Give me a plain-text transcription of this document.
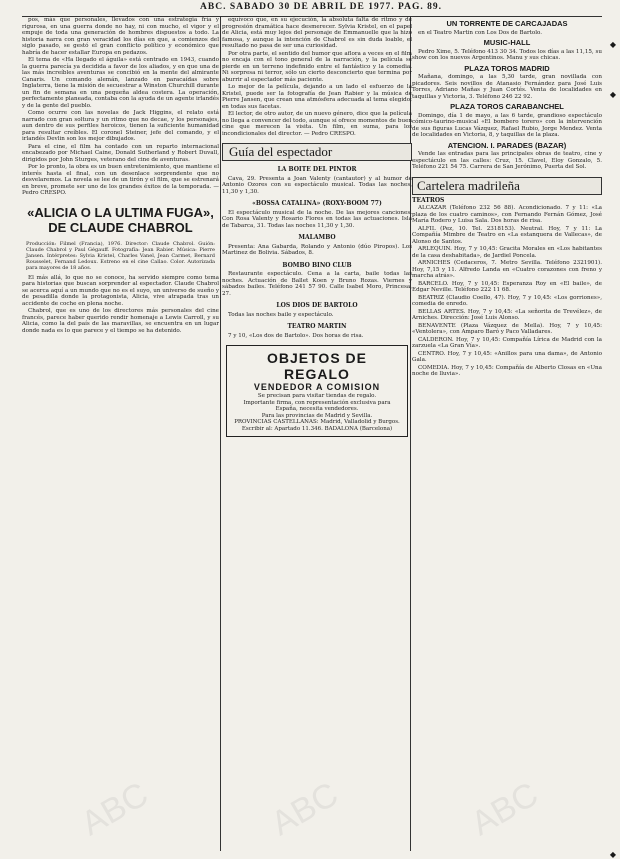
ABC. SABADO 30 DE ABRIL DE 1977. PAG. 89.

pos, más que personales, llevados con una estrategia fría y rigurosa, en una guerra donde no hay, ni con mucho, el vigor y el empuje de toda una generación de hombres dispuestos a todo. La historia narra con gran veracidad los días en que, a comienzos del siglo pasado, se gestó el gran conflicto político y económico que habría de hacer estallar Europa en pedazos.

El tema de «Ha llegado el águila» está centrado en 1943, cuando la guerra parecía ya decidida a favor de los aliados, y en que una de las más increíbles aventuras se concibió en la mente del almirante Canaris. Un comando alemán, lanzado en paracaídas sobre Inglaterra, tiene la misión de secuestrar a Winston Churchill durante un fin de semana en una pequeña aldea costera. La operación, perfectamente planeada, contaba con la ayuda de un agente irlandés y de la gente del pueblo.

Como ocurre con las novelas de Jack Higgins, el relato está narrado con gran soltura y un ritmo que no decae, y los personajes, aun dentro de sus perfiles heroicos, tienen la suficiente humanidad para resultar creíbles. El coronel Steiner, jefe del comando, y el irlandés Devlin son los mejor dibujados.

Para el cine, el film ha contado con un reparto internacional encabezado por Michael Caine, Donald Sutherland y Robert Duvall, dirigidos por John Sturges, veterano del cine de aventuras.

Por lo pronto, la obra es un buen entretenimiento, que mantiene el interés hasta el final, con un desenlace sorprendente que no desvelaremos. La novela se lee de un tirón y el film, que se estrenará en breve, promete ser uno de los grandes éxitos de la temporada. — Pedro CRESPO.

«ALICIA O LA ULTIMA FUGA», DE CLAUDE CHABROL
Producción: Filmel (Francia), 1976. Director: Claude Chabrol. Guión: Claude Chabrol y Paul Gégauff. Fotografía: Jean Rabier. Música: Pierre Jansen. Intérpretes: Sylvia Kristel, Charles Vanel, Jean Carmet, Bernard Rousselet, Fernand Ledoux. Estreno en el cine Callao. Color. Autorizada para mayores de 18 años.

El más allá, lo que no se conoce, ha servido siempre como tema para historias que buscan sorprender al espectador. Claude Chabrol se acerca aquí a un mundo que no es el suyo, un universo de sueño y de pesadilla donde la protagonista, Alicia, vive atrapada tras un accidente de coche en plena noche.

Chabrol, que es uno de los directores más personales del cine francés, parece haber querido rendir homenaje a Lewis Carroll, y su Alicia, como la del país de las maravillas, se encuentra en un lugar donde nada es lo que parece y el tiempo se ha detenido.

equívoco que, en su ejecución, la absoluta falta de ritmo y de progresión dramática hace desmerecer. Sylvia Kristel, en el papel de Alicia, está muy lejos del personaje de Emmanuelle que la hizo famosa, y aunque la intención de Chabrol es sin duda loable, el resultado no pasa de ser una curiosidad.

Por otra parte, el sentido del humor que aflora a veces en el film no encaja con el tono general de la narración, y la película se pierde en un terreno indefinido entre el fantástico y la comedia. Ni sorpresa ni terror, sólo un cierto desconcierto que termina por aburrir al espectador más paciente.

Lo mejor de la película, dejando a un lado el esfuerzo de la Kristel, puede ser la fotografía de Jean Rabier y la música de Pierre Jansen, que crean una atmósfera adecuada al tema elegido; en todas sus facetas.

El lector, de otro autor, de un nuevo género, dice que la película no llega a convencer del todo, aunque sí ofrece momentos de buen cine que merecen la visita. Un film, en suma, para los incondicionales del director. — Pedro CRESPO.

Guía del espectador
LA BOITE DEL PINTOR

Cava, 29. Presenta a Joan Valenty (cantautor) y al humor de Antonio Ozores con su espectáculo musical. Todas las noches, 11,30 y 1,30.

«BOSSA CATALINA» (ROXY-BOOM 77)

El espectáculo musical de la noche. De las mejores canciones. Con Rosa Valenty y Rosario Flores en todas las actuaciones. Isla de Tabarca, 31. Todas las noches 11,30 y 1,30.

MALAMBO

Presenta: Ana Gabarda, Rolando y Antonio (dúo Piropos). Los Martinez de Bolivia. Sábados, 8.

BOMBO BINO CLUB

Restaurante espectáculo. Cena a la carta, baile todas las noches. Actuación de Ballet Koen y Bruno Rozas. Viernes y sábados bailes. Teléfono 241 57 90. Calle Isabel Moro, Princesa, 27.

LOS DIOS DE BARTOLO

Todas las noches baile y espectáculo.

TEATRO MARTIN

7 y 10, «Los dos de Bartolo». Dos horas de risa.

OBJETOS DE REGALO
VENDEDOR A COMISION
Se precisan para visitar tiendas de regalo.
Importante firma, con representación exclusiva para España, necesita vendedores.
Para las provincias de Madrid y Sevilla.
PROVINCIAS CASTELLANAS: Madrid, Valladolid y Burgos.
Escribir al: Apartado 11.346. BADALONA (Barcelona)
UN TORRENTE DE CARCAJADAS

en el Teatro Martin con Los Dos de Bartolo.

MUSIC-HALL

Pedro Xime, 5. Teléfono 413 30 34. Todos los días a las 11,15, su show con los nuevos Argentinos. Manu y sus chicas.

PLAZA TOROS MADRID

Mañana, domingo, a las 5,30 tarde, gran novillada con picadores. Seis novillos de Atanasio Fernández para José Luis Torres, Adriano Mañas y Juan Cortés. Venta de localidades en taquillas y Victoria, 3. Teléfono 246 22 92.

PLAZA TOROS CARABANCHEL

Domingo, día 1 de mayo, a las 6 tarde, grandioso espectáculo cómico-taurino-musical «El bombero torero» con la intervención de sus figuras Lucas Vázquez, Rafael Rubio, Jorge Mendez. Venta de localidades en Victoria, 8, y taquillas de la plaza.

ATENCION. I. PARADES (BAZAR)

Vende las entradas para las principales obras de teatro, cine y espectáculo en las calles: Cruz, 15. Clavel, Eloy Gonzalo, 5. Teléfono 221 54 75. Carrera de San Jerónimo, Puerta del Sol.

Cartelera madrileña
TEATROS

ALCAZAR (Teléfono 232 56 88). Acondicionado. 7 y 11: «La plaza de los cuatro caminos», con Fernando Fernán Gómez, José María Rodero y Luisa Sala. Dos horas de risa.

ALFIL (Pez, 10. Tel. 2318153). Neutral. Hoy, 7 y 11: La Compañía Mimbre de Teatro en «La estanquera de Vallecas», de Alonso de Santos.

ARLEQUIN. Hoy, 7 y 10,45: Gracita Morales en «Los habitantes de la casa deshabitada», de Jardiel Poncela.

ARNICHES (Cedaceros, 7. Metro Sevilla. Teléfono 2321901). Hoy, 7,15 y 11. Alfredo Landa en «Cuatro corazones con freno y marcha atrás».

BARCELO. Hoy, 7 y 10,45: Esperanza Roy en «El baile», de Edgar Neville. Teléfono 222 11 68.

BEATRIZ (Claudio Coello, 47). Hoy, 7 y 10,45: «Los gorriones», comedia de enredo.

BELLAS ARTES. Hoy, 7 y 10,45: «La señorita de Trevélez», de Arniches. Dirección: José Luis Alonso.

BENAVENTE (Plaza Vázquez de Mella). Hoy, 7 y 10,45: «Ventolera», con Amparo Baró y Paco Valladares.

CALDERON. Hoy, 7 y 10,45: Compañía Lírica de Madrid con la zarzuela «La Gran Vía».

CENTRO. Hoy, 7 y 10,45: «Anillos para una dama», de Antonio Gala.

COMEDIA. Hoy, 7 y 10,45: Compañía de Alberto Closas en «Una noche de lluvia».

◆
◆
◆
ABC	ABC	ABC
